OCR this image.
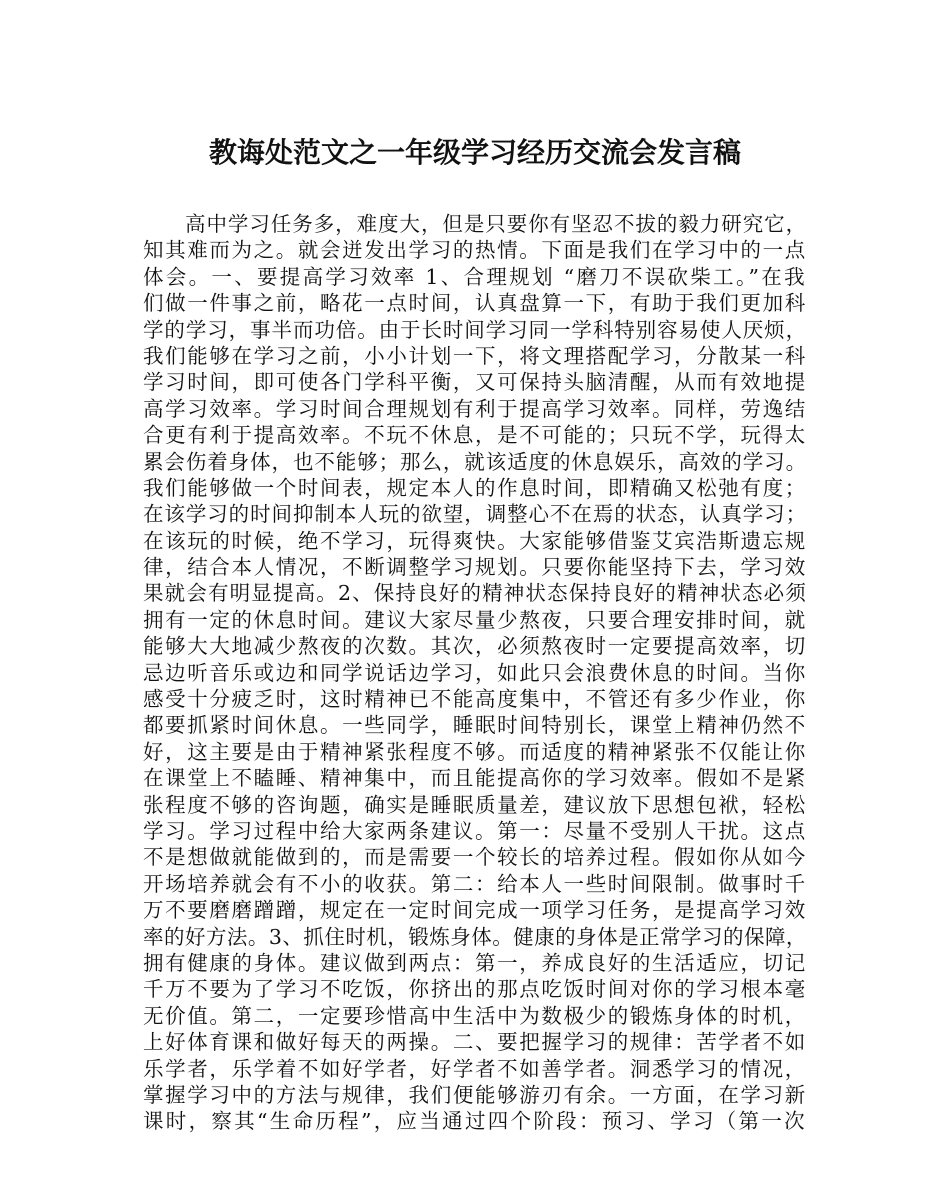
教诲处范文之一年级学习经历交流会发言稿
高中学习任务多，难度大，但是只要你有坚忍不拔的毅力研究它，
知其难而为之。就会迸发出学习的热情。下面是我们在学习中的一点
体会。一、要提高学习效率 1、合理规划 “磨刀不误砍柴工。”在我
们做一件事之前，略花一点时间，认真盘算一下，有助于我们更加科
学的学习，事半而功倍。由于长时间学习同一学科特别容易使人厌烦，
我们能够在学习之前，小小计划一下，将文理搭配学习，分散某一科
学习时间，即可使各门学科平衡，又可保持头脑清醒，从而有效地提
高学习效率。学习时间合理规划有利于提高学习效率。同样，劳逸结
合更有利于提高效率。不玩不休息，是不可能的；只玩不学，玩得太
累会伤着身体，也不能够；那么，就该适度的休息娱乐，高效的学习。
我们能够做一个时间表，规定本人的作息时间，即精确又松弛有度；
在该学习的时间抑制本人玩的欲望，调整心不在焉的状态，认真学习；
在该玩的时候，绝不学习，玩得爽快。大家能够借鉴艾宾浩斯遗忘规
律，结合本人情况，不断调整学习规划。只要你能坚持下去，学习效
果就会有明显提高。2、保持良好的精神状态保持良好的精神状态必须
拥有一定的休息时间。建议大家尽量少熬夜，只要合理安排时间，就
能够大大地减少熬夜的次数。其次，必须熬夜时一定要提高效率，切
忌边听音乐或边和同学说话边学习，如此只会浪费休息的时间。当你
感受十分疲乏时，这时精神已不能高度集中，不管还有多少作业，你
都要抓紧时间休息。一些同学，睡眠时间特别长，课堂上精神仍然不
好，这主要是由于精神紧张程度不够。而适度的精神紧张不仅能让你
在课堂上不瞌睡、精神集中，而且能提高你的学习效率。假如不是紧
张程度不够的咨询题，确实是睡眠质量差，建议放下思想包袱，轻松
学习。学习过程中给大家两条建议。第一：尽量不受别人干扰。这点
不是想做就能做到的，而是需要一个较长的培养过程。假如你从如今
开场培养就会有不小的收获。第二：给本人一些时间限制。做事时千
万不要磨磨蹭蹭，规定在一定时间完成一项学习任务，是提高学习效
率的好方法。3、抓住时机，锻炼身体。健康的身体是正常学习的保障，
拥有健康的身体。建议做到两点：第一，养成良好的生活适应，切记
千万不要为了学习不吃饭，你挤出的那点吃饭时间对你的学习根本毫
无价值。第二，一定要珍惜高中生活中为数极少的锻炼身体的时机，
上好体育课和做好每天的两操。二、要把握学习的规律：苦学者不如
乐学者，乐学着不如好学者，好学者不如善学者。洞悉学习的情况，
掌握学习中的方法与规律，我们便能够游刃有余。一方面，在学习新
课时，察其“生命历程”，应当通过四个阶段：预习、学习（第一次
